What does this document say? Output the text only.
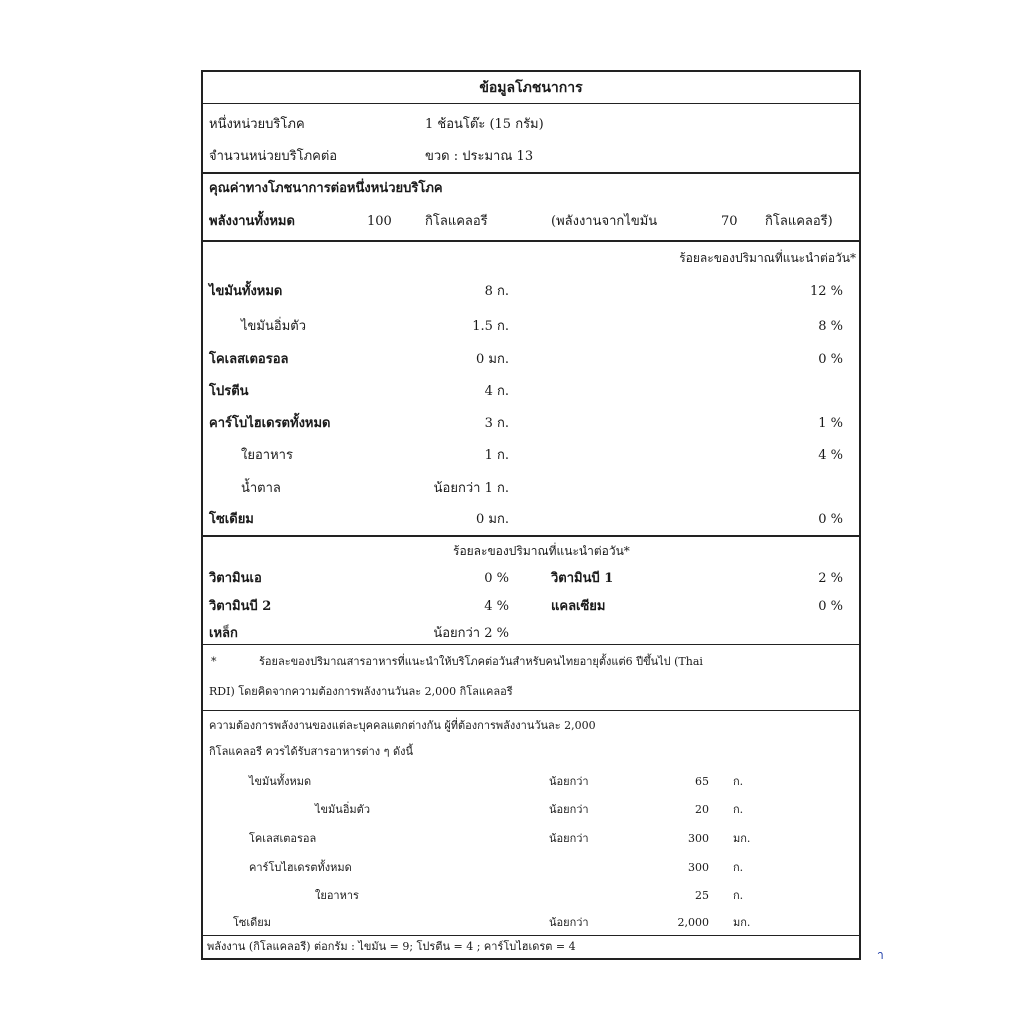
ข้อมูลโภชนาการ
หนึ่งหน่วยบริโภค	1 ช้อนโต๊ะ (15 กรัม)
จำนวนหน่วยบริโภคต่อ	ขวด : ประมาณ 13
คุณค่าทางโภชนาการต่อหนึ่งหน่วยบริโภค
พลังงานทั้งหมด	100	กิโลแคลอรี	(พลังงานจากไขมัน	70 กิโลแคลอรี)
ร้อยละของปริมาณที่แนะนำต่อวัน*
ไขมันทั้งหมด	8 ก.	12 %
ไขมันอิ่มตัว	1.5 ก.	8 %
โคเลสเตอรอล	0 มก.	0 %
โปรตีน	4 ก.
คาร์โบไฮเดรตทั้งหมด	3 ก.	1 %
ใยอาหาร	1 ก.	4 %
น้ำตาล	น้อยกว่า 1 ก.
โซเดียม	0 มก.	0 %
ร้อยละของปริมาณที่แนะนำต่อวัน*
วิตามินเอ	0 %	วิตามินบี 1	2 %
วิตามินบี 2	4 %	แคลเซียม	0 %
เหล็ก	น้อยกว่า 2 %
*	ร้อยละของปริมาณสารอาหารที่แนะนำให้บริโภคต่อวันสำหรับคนไทยอายุตั้งแต่6 ปีขึ้นไป (Thai
RDI) โดยคิดจากความต้องการพลังงานวันละ 2,000 กิโลแคลอรี
ความต้องการพลังงานของแต่ละบุคคลแตกต่างกัน ผู้ที่ต้องการพลังงานวันละ 2,000
กิโลแคลอรี ควรได้รับสารอาหารต่าง ๆ ดังนี้
ไขมันทั้งหมด	น้อยกว่า	65 ก.
ไขมันอิ่มตัว	น้อยกว่า	20 ก.
โคเลสเตอรอล	น้อยกว่า	300 มก.
คาร์โบไฮเดรตทั้งหมด	300 ก.
ใยอาหาร	25 ก.
โซเดียม	น้อยกว่า	2,000 มก.
พลังงาน (กิโลแคลอรี) ต่อกรัม : ไขมัน = 9; โปรตีน = 4 ; คาร์โบไฮเดรต = 4
า
